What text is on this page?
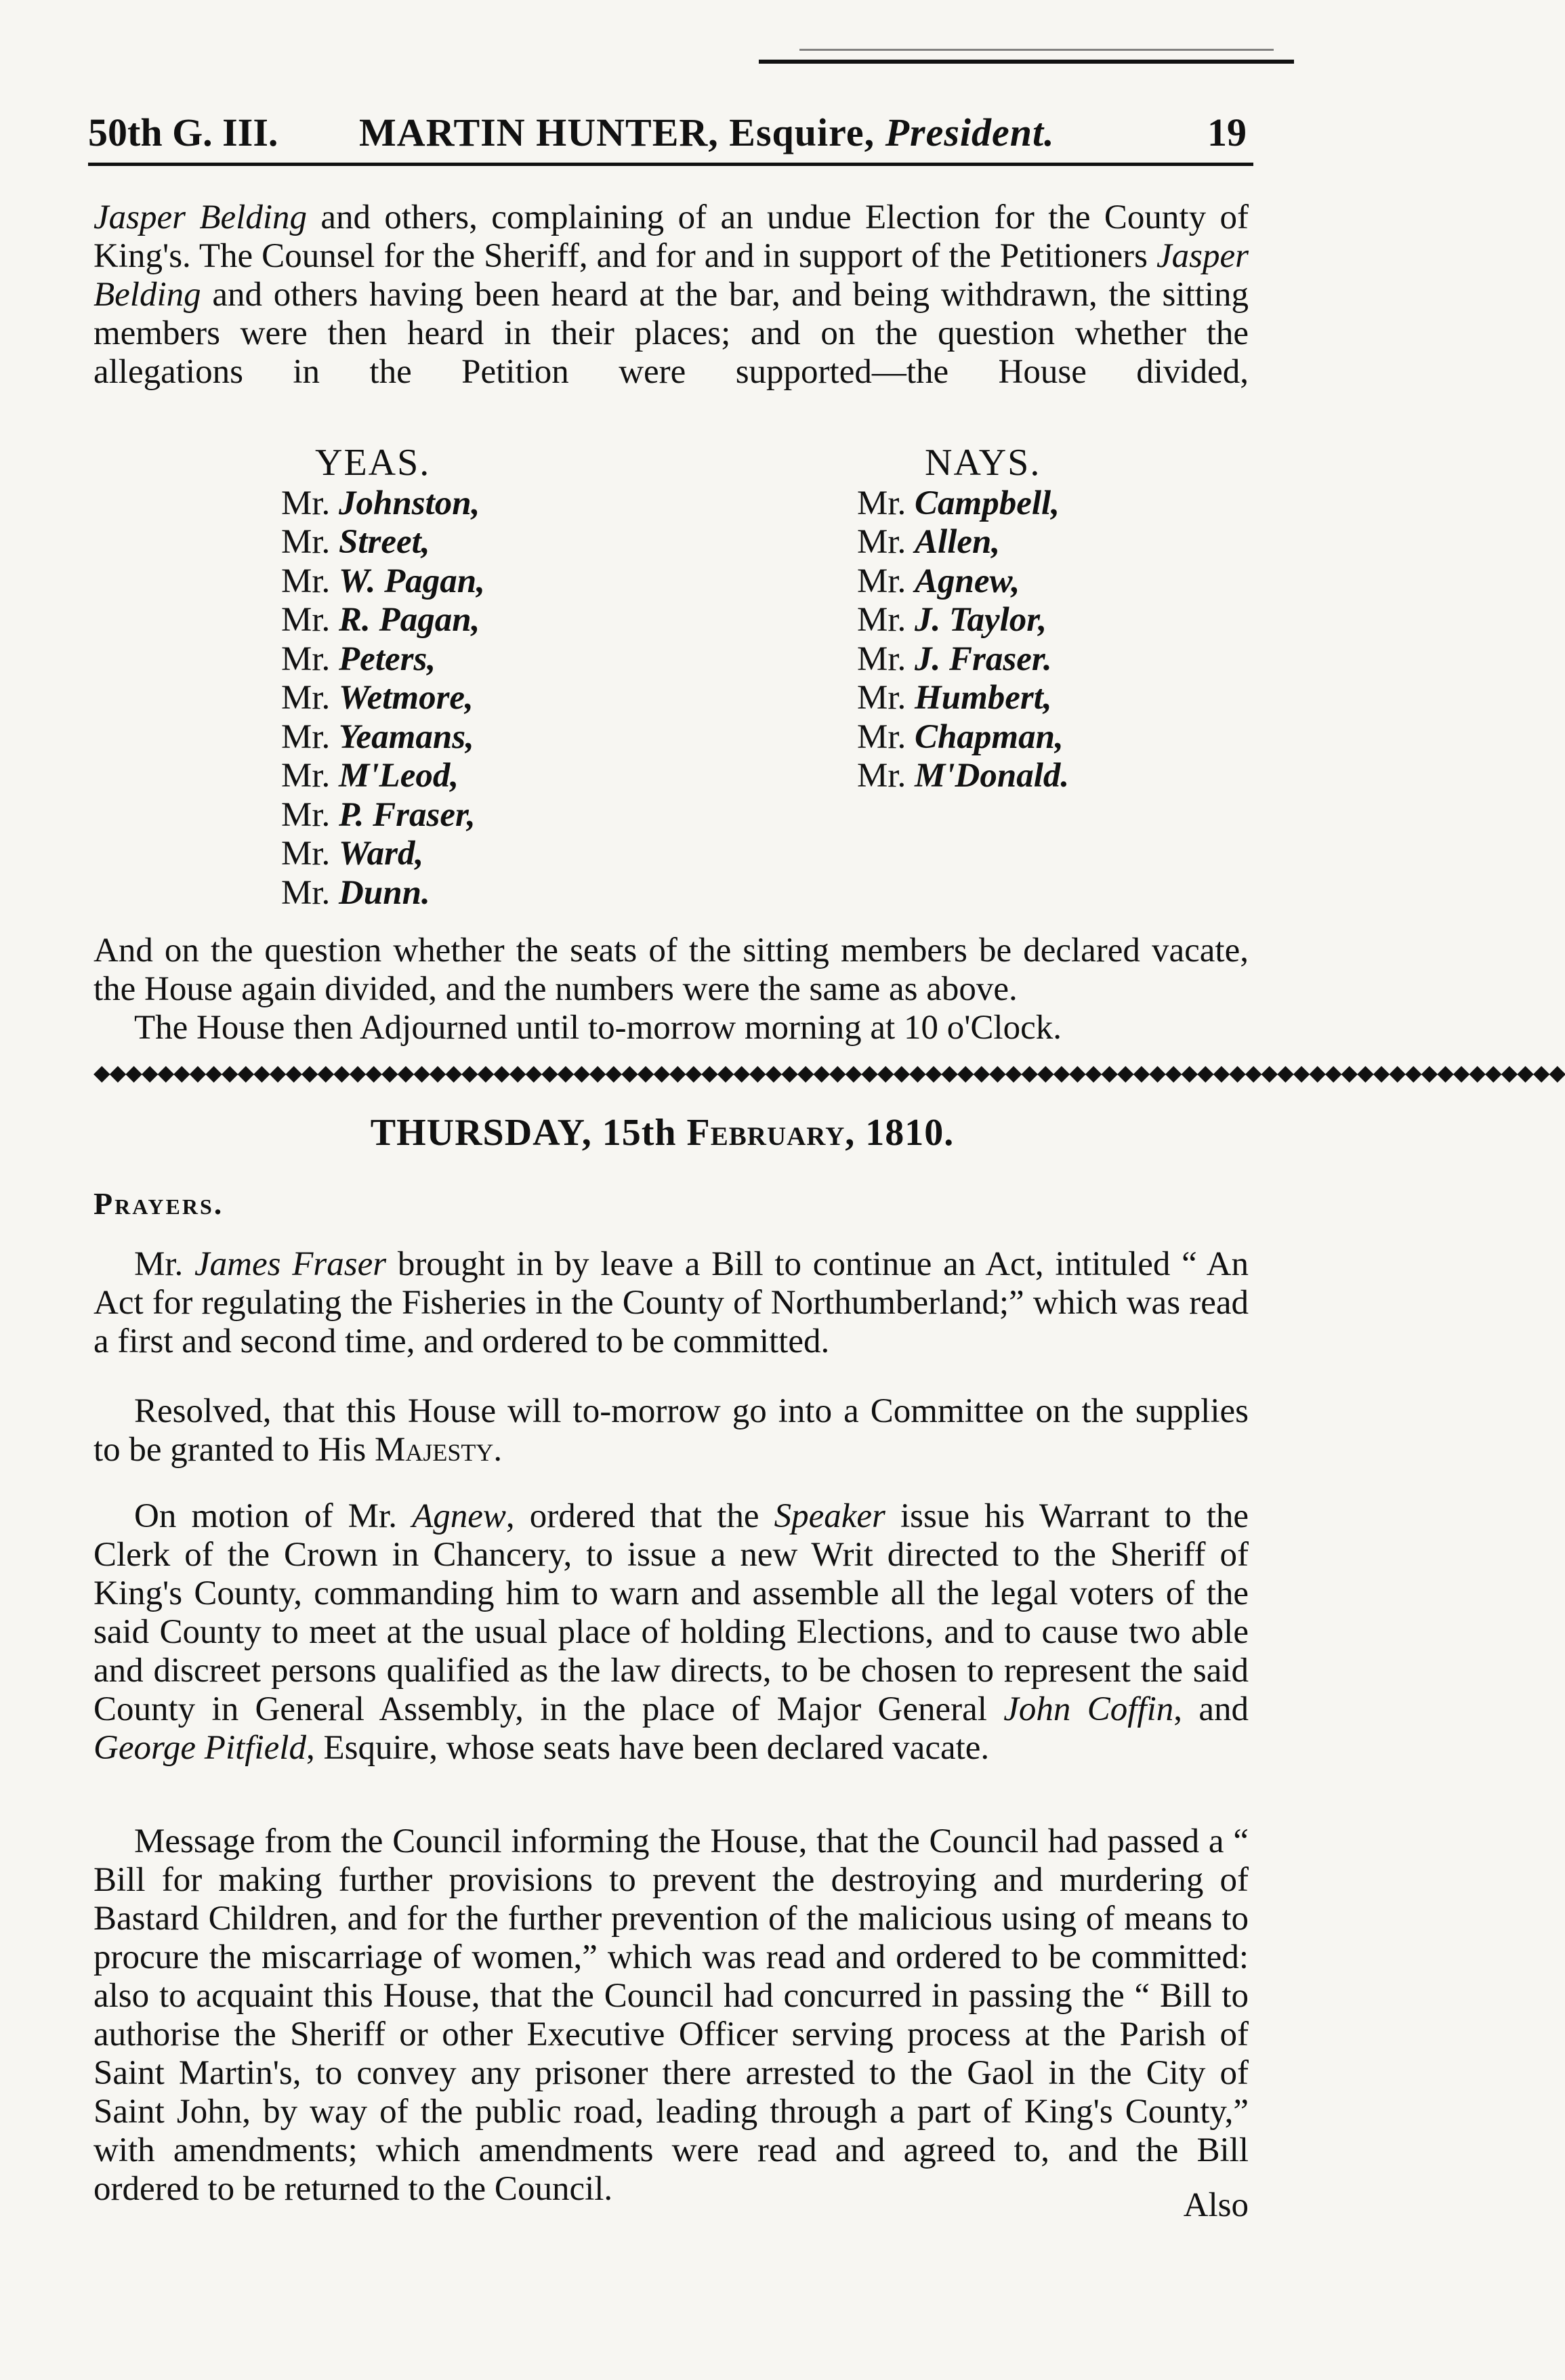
50th G. III. MARTIN HUNTER, Esquire, President.	19
Jasper Belding and others, complaining of an undue Election for the County of King's. The Counsel for the Sheriff, and for and in support of the Petitioners Jasper Belding and others having been heard at the bar, and being withdrawn, the sitting members were then heard in their places; and on the question whether the allegations in the Petition were supported—the House divided,
YEAS.
Mr. Johnston,
Mr. Street,
Mr. W. Pagan,
Mr. R. Pagan,
Mr. Peters,
Mr. Wetmore,
Mr. Yeamans,
Mr. M'Leod,
Mr. P. Fraser,
Mr. Ward,
Mr. Dunn.
NAYS.
Mr. Campbell,
Mr. Allen,
Mr. Agnew,
Mr. J. Taylor,
Mr. J. Fraser.
Mr. Humbert,
Mr. Chapman,
Mr. M'Donald.
And on the question whether the seats of the sitting members be declared vacate, the House again divided, and the numbers were the same as above.
The House then Adjourned until to-morrow morning at 10 o'Clock.
◆◆◆◆◆◆◆◆◆◆◆◆◆◆◆◆◆◆◆◆◆◆◆◆◆◆◆◆◆◆◆◆◆◆◆◆◆◆◆◆◆◆◆◆◆◆◆◆◆◆◆◆◆◆◆◆◆◆◆◆◆◆◆◆◆◆◆◆◆◆◆◆◆◆◆◆◆◆◆◆◆◆◆◆◆◆◆◆◆◆◆◆
THURSDAY, 15th February, 1810.
Prayers.
Mr. James Fraser brought in by leave a Bill to continue an Act, intituled “ An Act for regulating the Fisheries in the County of Northumberland;” which was read a first and second time, and ordered to be committed.
Resolved, that this House will to-morrow go into a Committee on the supplies to be granted to His Majesty.
On motion of Mr. Agnew, ordered that the Speaker issue his Warrant to the Clerk of the Crown in Chancery, to issue a new Writ directed to the Sheriff of King's County, commanding him to warn and assemble all the legal voters of the said County to meet at the usual place of holding Elections, and to cause two able and discreet persons qualified as the law directs, to be chosen to represent the said County in General Assembly, in the place of Major General John Coffin, and George Pitfield, Esquire, whose seats have been declared vacate.
Message from the Council informing the House, that the Council had passed a “ Bill for making further provisions to prevent the destroying and murdering of Bastard Children, and for the further prevention of the malicious using of means to procure the miscarriage of women,” which was read and ordered to be committed: also to acquaint this House, that the Council had concurred in passing the “ Bill to authorise the Sheriff or other Executive Officer serving process at the Parish of Saint Martin's, to convey any prisoner there arrested to the Gaol in the City of Saint John, by way of the public road, leading through a part of King's County,” with amendments; which amendments were read and agreed to, and the Bill ordered to be returned to the Council.	Also
